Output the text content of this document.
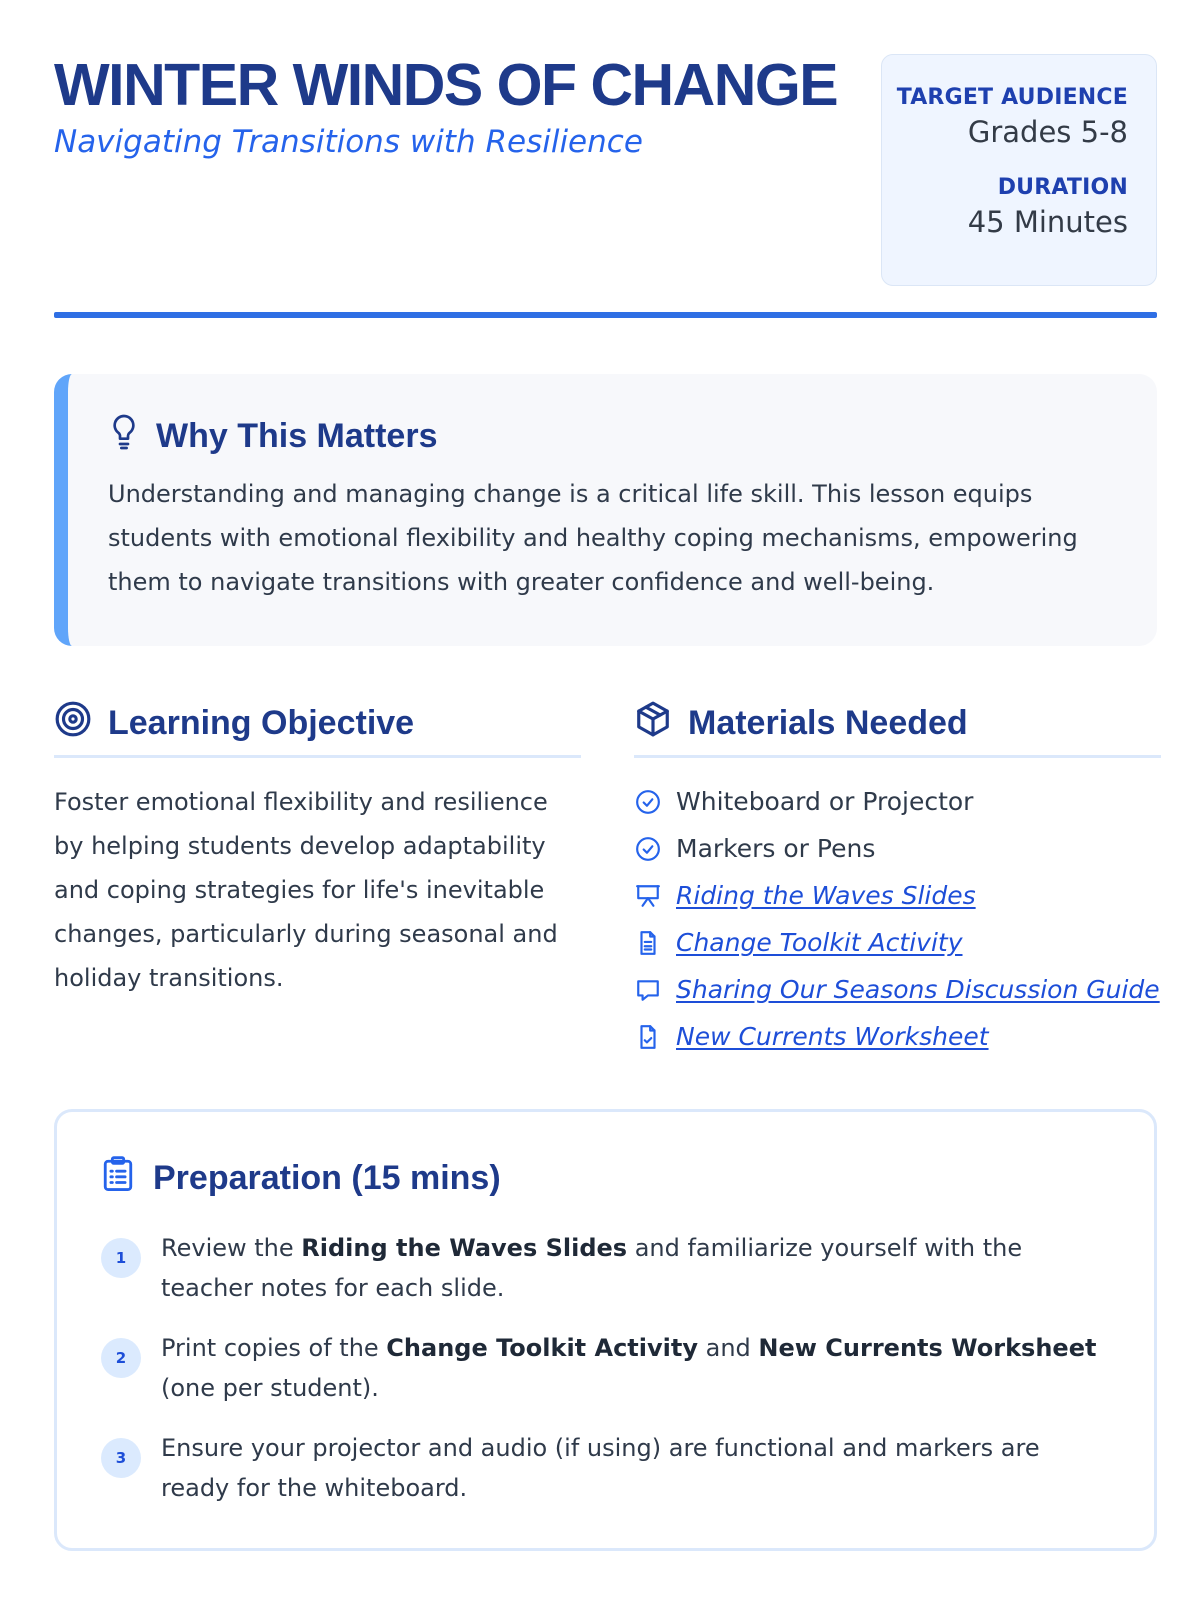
WINTER WINDS OF CHANGE
Navigating Transitions with Resilience
TARGET AUDIENCE
Grades 5-8
DURATION
45 Minutes
Why This Matters

Understanding and managing change is a critical life skill. This lesson equips students with emotional flexibility and healthy coping mechanisms, empowering them to navigate transitions with greater confidence and well-being.

Learning Objective

Foster emotional flexibility and resilience by helping students develop adaptability and coping strategies for life's inevitable changes, particularly during seasonal and holiday transitions.

Materials Needed
Whiteboard or Projector
Markers or Pens
Riding the Waves Slides
Change Toolkit Activity
Sharing Our Seasons Discussion Guide
New Currents Worksheet
Preparation (15 mins)
1	Review the Riding the Waves Slides and familiarize yourself with the teacher notes for each slide.
2	Print copies of the Change Toolkit Activity and New Currents Worksheet (one per student).
3	Ensure your projector and audio (if using) are functional and markers are ready for the whiteboard.
